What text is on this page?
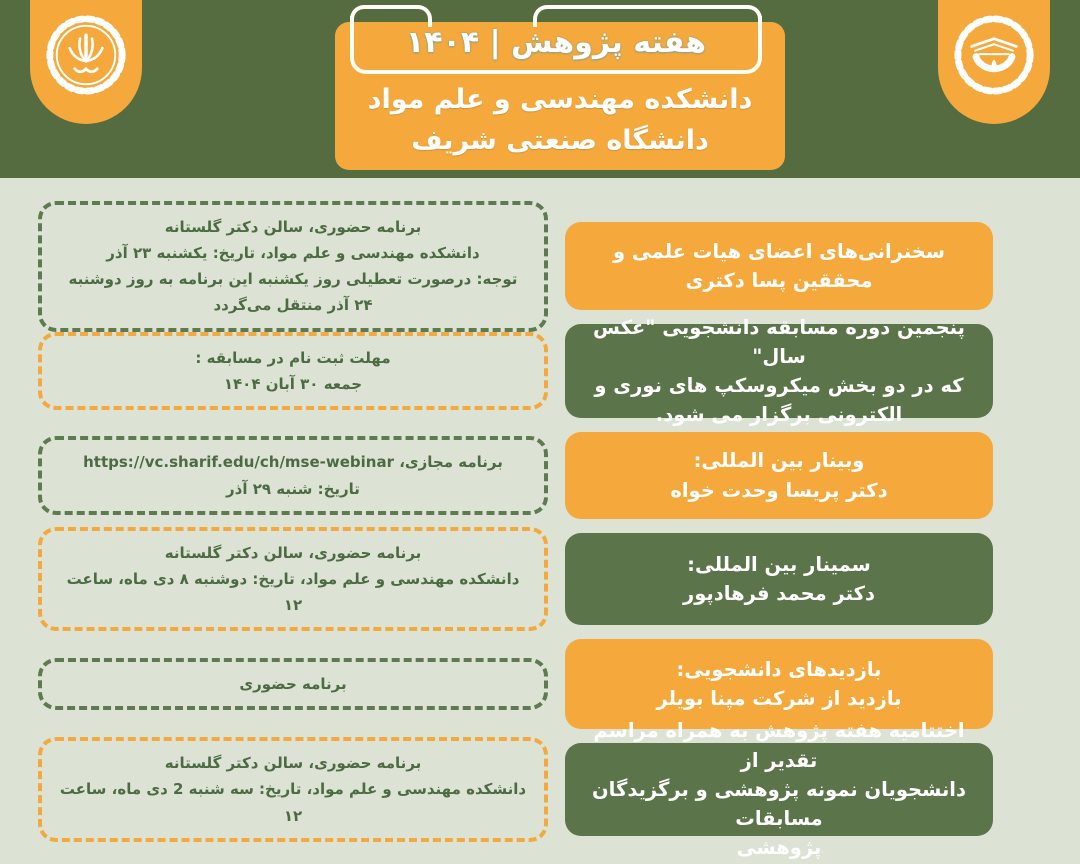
دانشکده مهندسی و علم مواد
دانشگاه صنعتی شریف
هفته پژوهش | ۱۴۰۴
سخنرانی‌های اعضای هیات علمی و
محققین پسا دکتری
برنامه حضوری، سالن دکتر گلستانه
دانشکده مهندسی و علم مواد، تاریخ: یکشنبه ۲۳ آذر
توجه: درصورت تعطیلی روز یکشنبه این برنامه به روز دوشنبه ۲۴ آذر منتقل می‌گردد
پنجمین دوره مسابقه دانشجویی "عکس سال"
که در دو بخش میکروسکپ های نوری و
الکترونی برگزار می شود.
مهلت ثبت نام در مسابقه :
جمعه ۳۰ آبان ۱۴۰۴
وبینار بین المللی:
دکتر پریسا وحدت خواه
برنامه مجازی، https://vc.sharif.edu/ch/mse-webinar
تاریخ: شنبه ۲۹ آذر
سمینار بین المللی:
دکتر محمد فرهادپور
برنامه حضوری، سالن دکتر گلستانه
دانشکده مهندسی و علم مواد، تاریخ: دوشنبه ۸ دی ماه، ساعت ۱۲
بازدیدهای دانشجویی:
بازدید از شرکت مپنا بویلر
برنامه حضوری
اختتامیه هفته پژوهش به همراه مراسم تقدیر از
دانشجویان نمونه پژوهشی و برگزیدگان مسابقات
پژوهشی
برنامه حضوری، سالن دکتر گلستانه
دانشکده مهندسی و علم مواد، تاریخ: سه شنبه 2 دی ماه، ساعت ۱۲
